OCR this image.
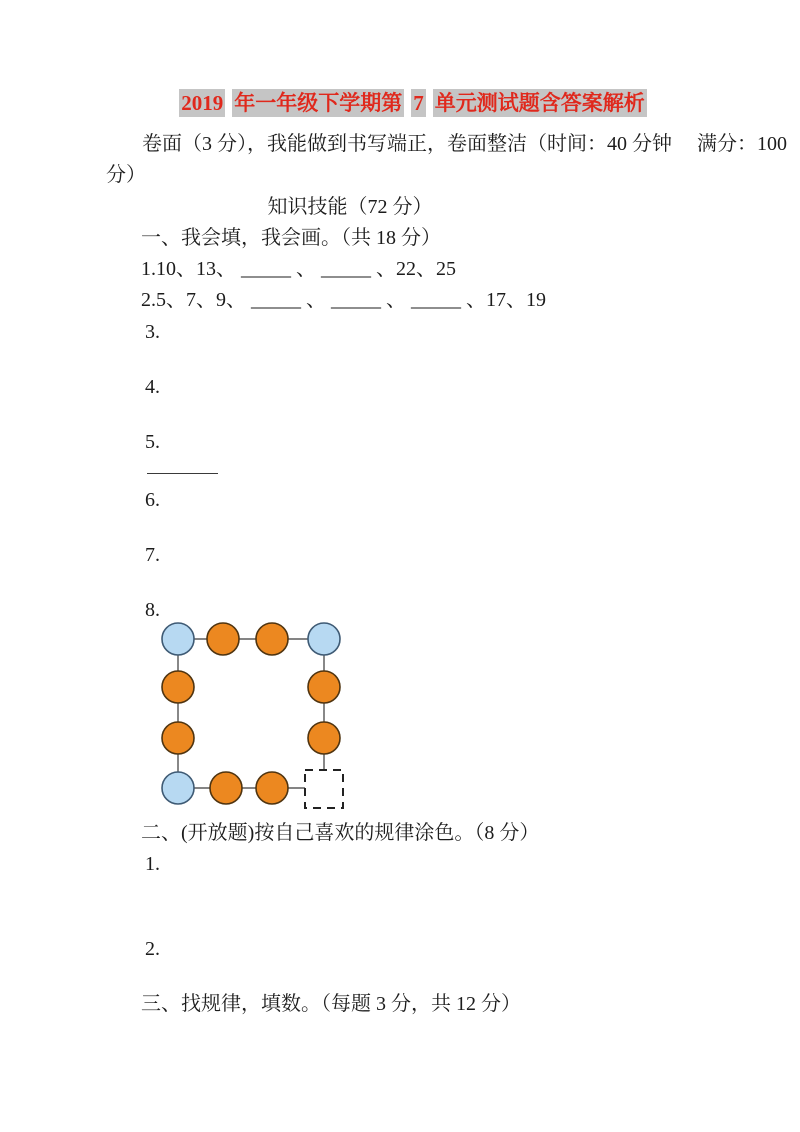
2019 年一年级下学期第 7 单元测试题含答案解析
卷面（3 分），我能做到书写端正，卷面整洁（时间：40 分钟　 满分：100
分）
知识技能（72 分）
一、我会填，我会画。（共 18 分）
1.10、13、 _____ 、 _____ 、22、25
2.5、7、9、 _____ 、 _____ 、 _____ 、17、19
3.
4.
5.
6.
7.
8.
二、(开放题)按自己喜欢的规律涂色。（8 分）
1.
2.
三、找规律，填数。（每题 3 分，共 12 分）
